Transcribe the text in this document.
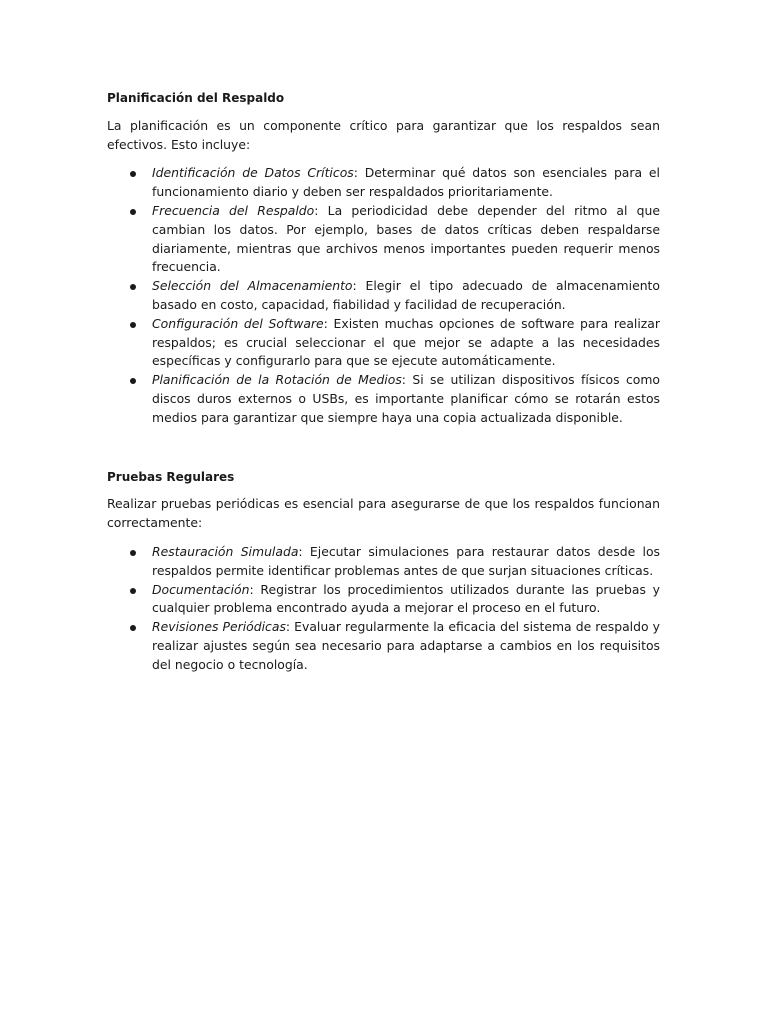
Planificación del Respaldo

La planificación es un componente crítico para garantizar que los respaldos sean efectivos. Esto incluye:

Identificación de Datos Críticos: Determinar qué datos son esenciales para el funcionamiento diario y deben ser respaldados prioritariamente.
Frecuencia del Respaldo: La periodicidad debe depender del ritmo al que cambian los datos. Por ejemplo, bases de datos críticas deben respaldarse diariamente, mientras que archivos menos importantes pueden requerir menos frecuencia.
Selección del Almacenamiento: Elegir el tipo adecuado de almacenamiento basado en costo, capacidad, fiabilidad y facilidad de recuperación.
Configuración del Software: Existen muchas opciones de software para realizar respaldos; es crucial seleccionar el que mejor se adapte a las necesidades específicas y configurarlo para que se ejecute automáticamente.
Planificación de la Rotación de Medios: Si se utilizan dispositivos físicos como discos duros externos o USBs, es importante planificar cómo se rotarán estos medios para garantizar que siempre haya una copia actualizada disponible.
Pruebas Regulares

Realizar pruebas periódicas es esencial para asegurarse de que los respaldos funcionan correctamente:

Restauración Simulada: Ejecutar simulaciones para restaurar datos desde los respaldos permite identificar problemas antes de que surjan situaciones críticas.
Documentación: Registrar los procedimientos utilizados durante las pruebas y cualquier problema encontrado ayuda a mejorar el proceso en el futuro.
Revisiones Periódicas: Evaluar regularmente la eficacia del sistema de respaldo y realizar ajustes según sea necesario para adaptarse a cambios en los requisitos del negocio o tecnología.
